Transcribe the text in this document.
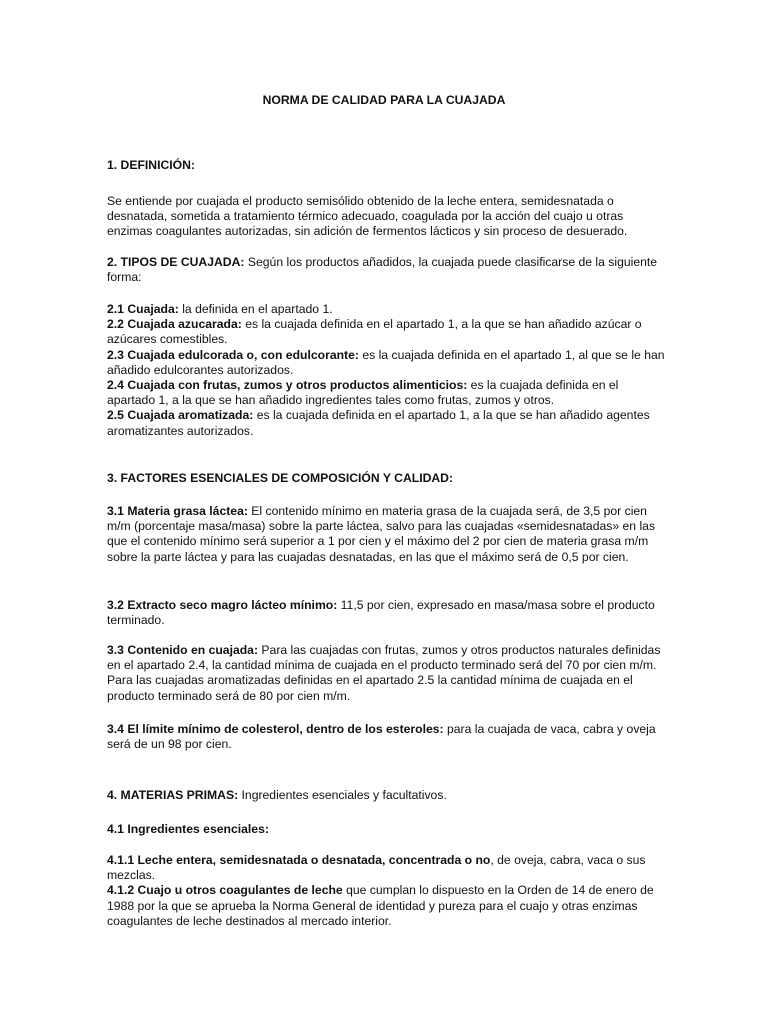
NORMA DE CALIDAD PARA LA CUAJADA

1. DEFINICIÓN:

Se entiende por cuajada el producto semisólido obtenido de la leche entera, semidesnatada o desnatada, sometida a tratamiento térmico adecuado, coagulada por la acción del cuajo u otras enzimas coagulantes autorizadas, sin adición de fermentos lácticos y sin proceso de desuerado.

2. TIPOS DE CUAJADA: Según los productos añadidos, la cuajada puede clasificarse de la siguiente forma:

2.1 Cuajada: la definida en el apartado 1.

2.2 Cuajada azucarada: es la cuajada definida en el apartado 1, a la que se han añadido azúcar o azúcares comestibles.

2.3 Cuajada edulcorada o, con edulcorante: es la cuajada definida en el apartado 1, al que se le han añadido edulcorantes autorizados.

2.4 Cuajada con frutas, zumos y otros productos alimenticios: es la cuajada definida en el apartado 1, a la que se han añadido ingredientes tales como frutas, zumos y otros.

2.5 Cuajada aromatizada: es la cuajada definida en el apartado 1, a la que se han añadido agentes aromatizantes autorizados.

3. FACTORES ESENCIALES DE COMPOSICIÓN Y CALIDAD:

3.1 Materia grasa láctea: El contenido mínimo en materia grasa de la cuajada será, de 3,5 por cien m/m (porcentaje masa/masa) sobre la parte láctea, salvo para las cuajadas «semidesnatadas» en las que el contenido mínimo será superior a 1 por cien y el máximo del 2 por cien de materia grasa m/m sobre la parte láctea y para las cuajadas desnatadas, en las que el máximo será de 0,5 por cien.

3.2 Extracto seco magro lácteo mínimo: 11,5 por cien, expresado en masa/masa sobre el producto terminado.

3.3 Contenido en cuajada: Para las cuajadas con frutas, zumos y otros productos naturales definidas en el apartado 2.4, la cantidad mínima de cuajada en el producto terminado será del 70 por cien m/m. Para las cuajadas aromatizadas definidas en el apartado 2.5 la cantidad mínima de cuajada en el producto terminado será de 80 por cien m/m.

3.4 El límite mínimo de colesterol, dentro de los esteroles: para la cuajada de vaca, cabra y oveja será de un 98 por cien.

4. MATERIAS PRIMAS: Ingredientes esenciales y facultativos.

4.1 Ingredientes esenciales:

4.1.1 Leche entera, semidesnatada o desnatada, concentrada o no, de oveja, cabra, vaca o sus mezclas.

4.1.2 Cuajo u otros coagulantes de leche que cumplan lo dispuesto en la Orden de 14 de enero de 1988 por la que se aprueba la Norma General de identidad y pureza para el cuajo y otras enzimas coagulantes de leche destinados al mercado interior.
